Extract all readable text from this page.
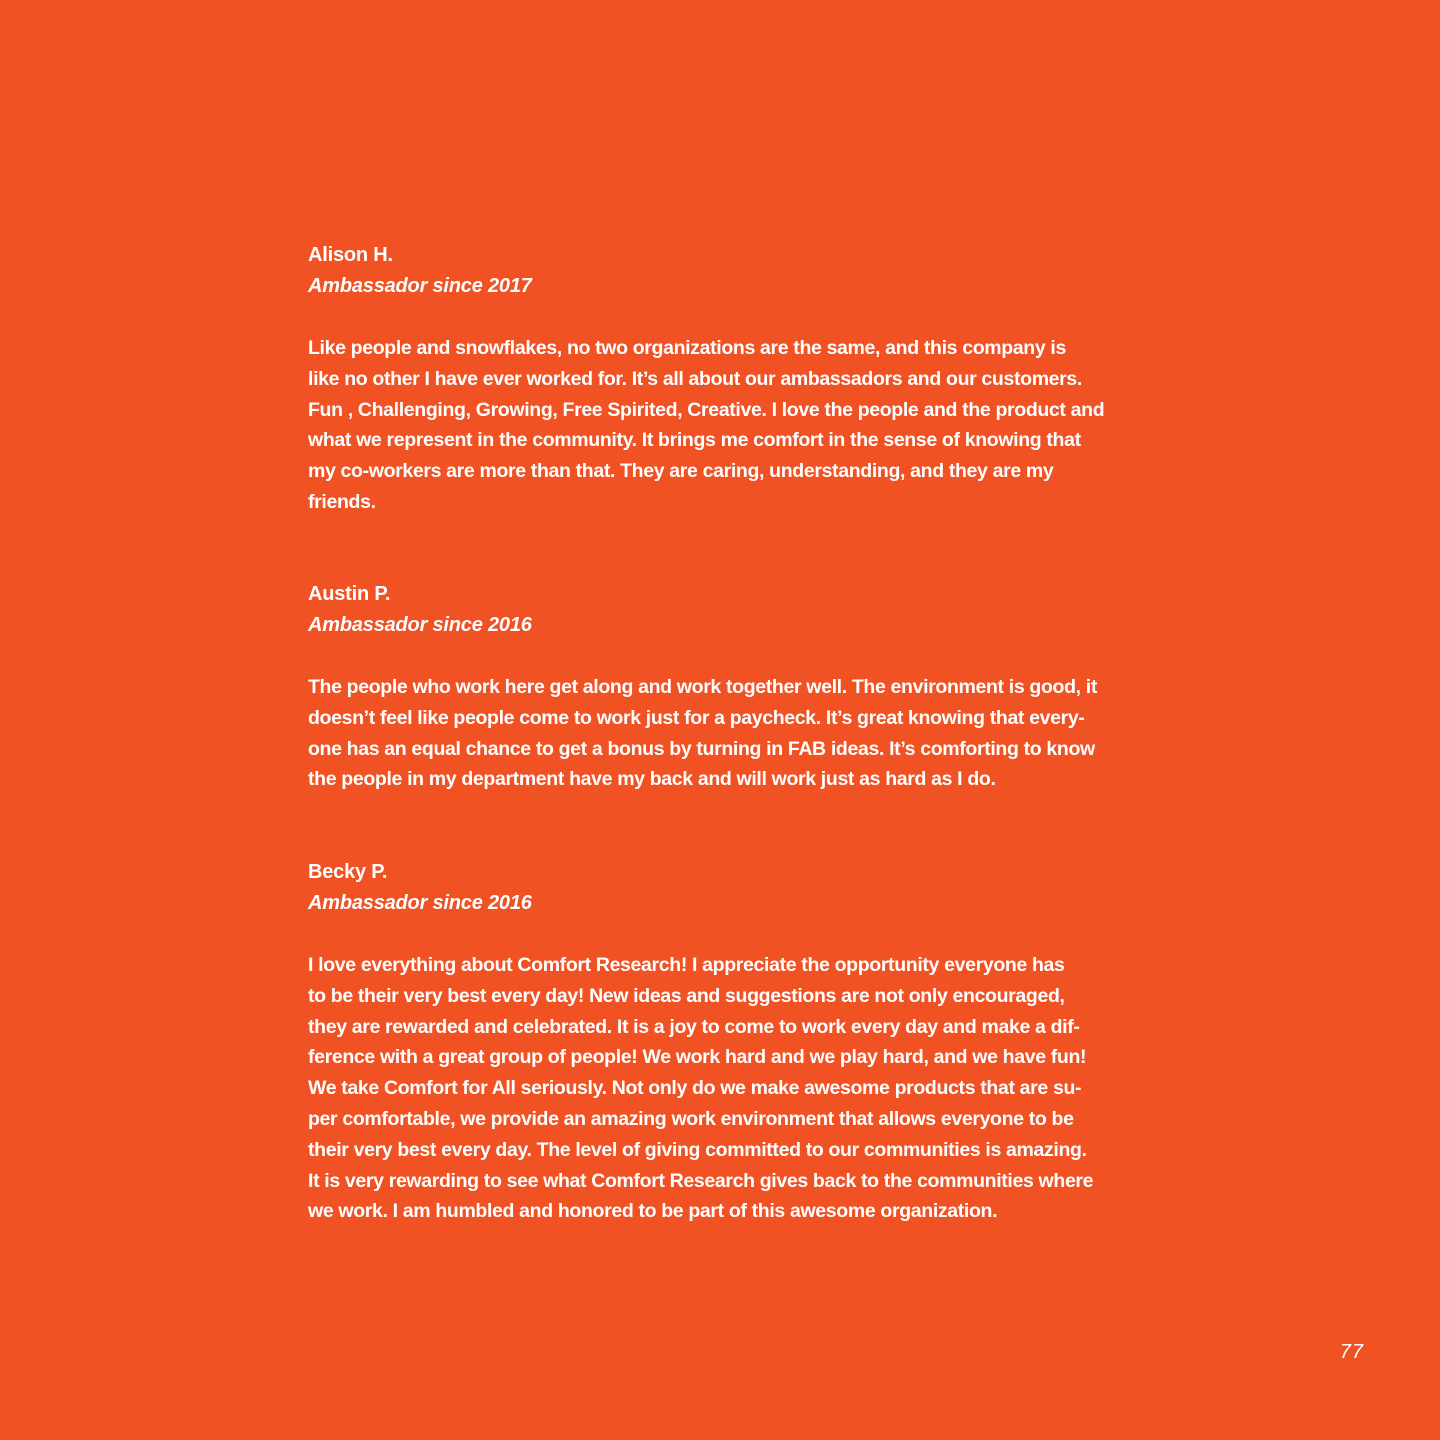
Alison H.

Ambassador since 2017

Like people and snowflakes, no two organizations are the same, and this company is
like no other I have ever worked for. It’s all about our ambassadors and our customers.
Fun , Challenging, Growing, Free Spirited, Creative. I love the people and the product and
what we represent in the community. It brings me comfort in the sense of knowing that
my co-workers are more than that. They are caring, understanding, and they are my
friends.

Austin P.

Ambassador since 2016

The people who work here get along and work together well. The environment is good, it
doesn’t feel like people come to work just for a paycheck. It’s great knowing that every-
one has an equal chance to get a bonus by turning in FAB ideas. It’s comforting to know
the people in my department have my back and will work just as hard as I do.

Becky P.

Ambassador since 2016

I love everything about Comfort Research! I appreciate the opportunity everyone has
to be their very best every day! New ideas and suggestions are not only encouraged,
they are rewarded and celebrated. It is a joy to come to work every day and make a dif-
ference with a great group of people! We work hard and we play hard, and we have fun!
We take Comfort for All seriously. Not only do we make awesome products that are su-
per comfortable, we provide an amazing work environment that allows everyone to be
their very best every day. The level of giving committed to our communities is amazing.
It is very rewarding to see what Comfort Research gives back to the communities where
we work. I am humbled and honored to be part of this awesome organization.

77
